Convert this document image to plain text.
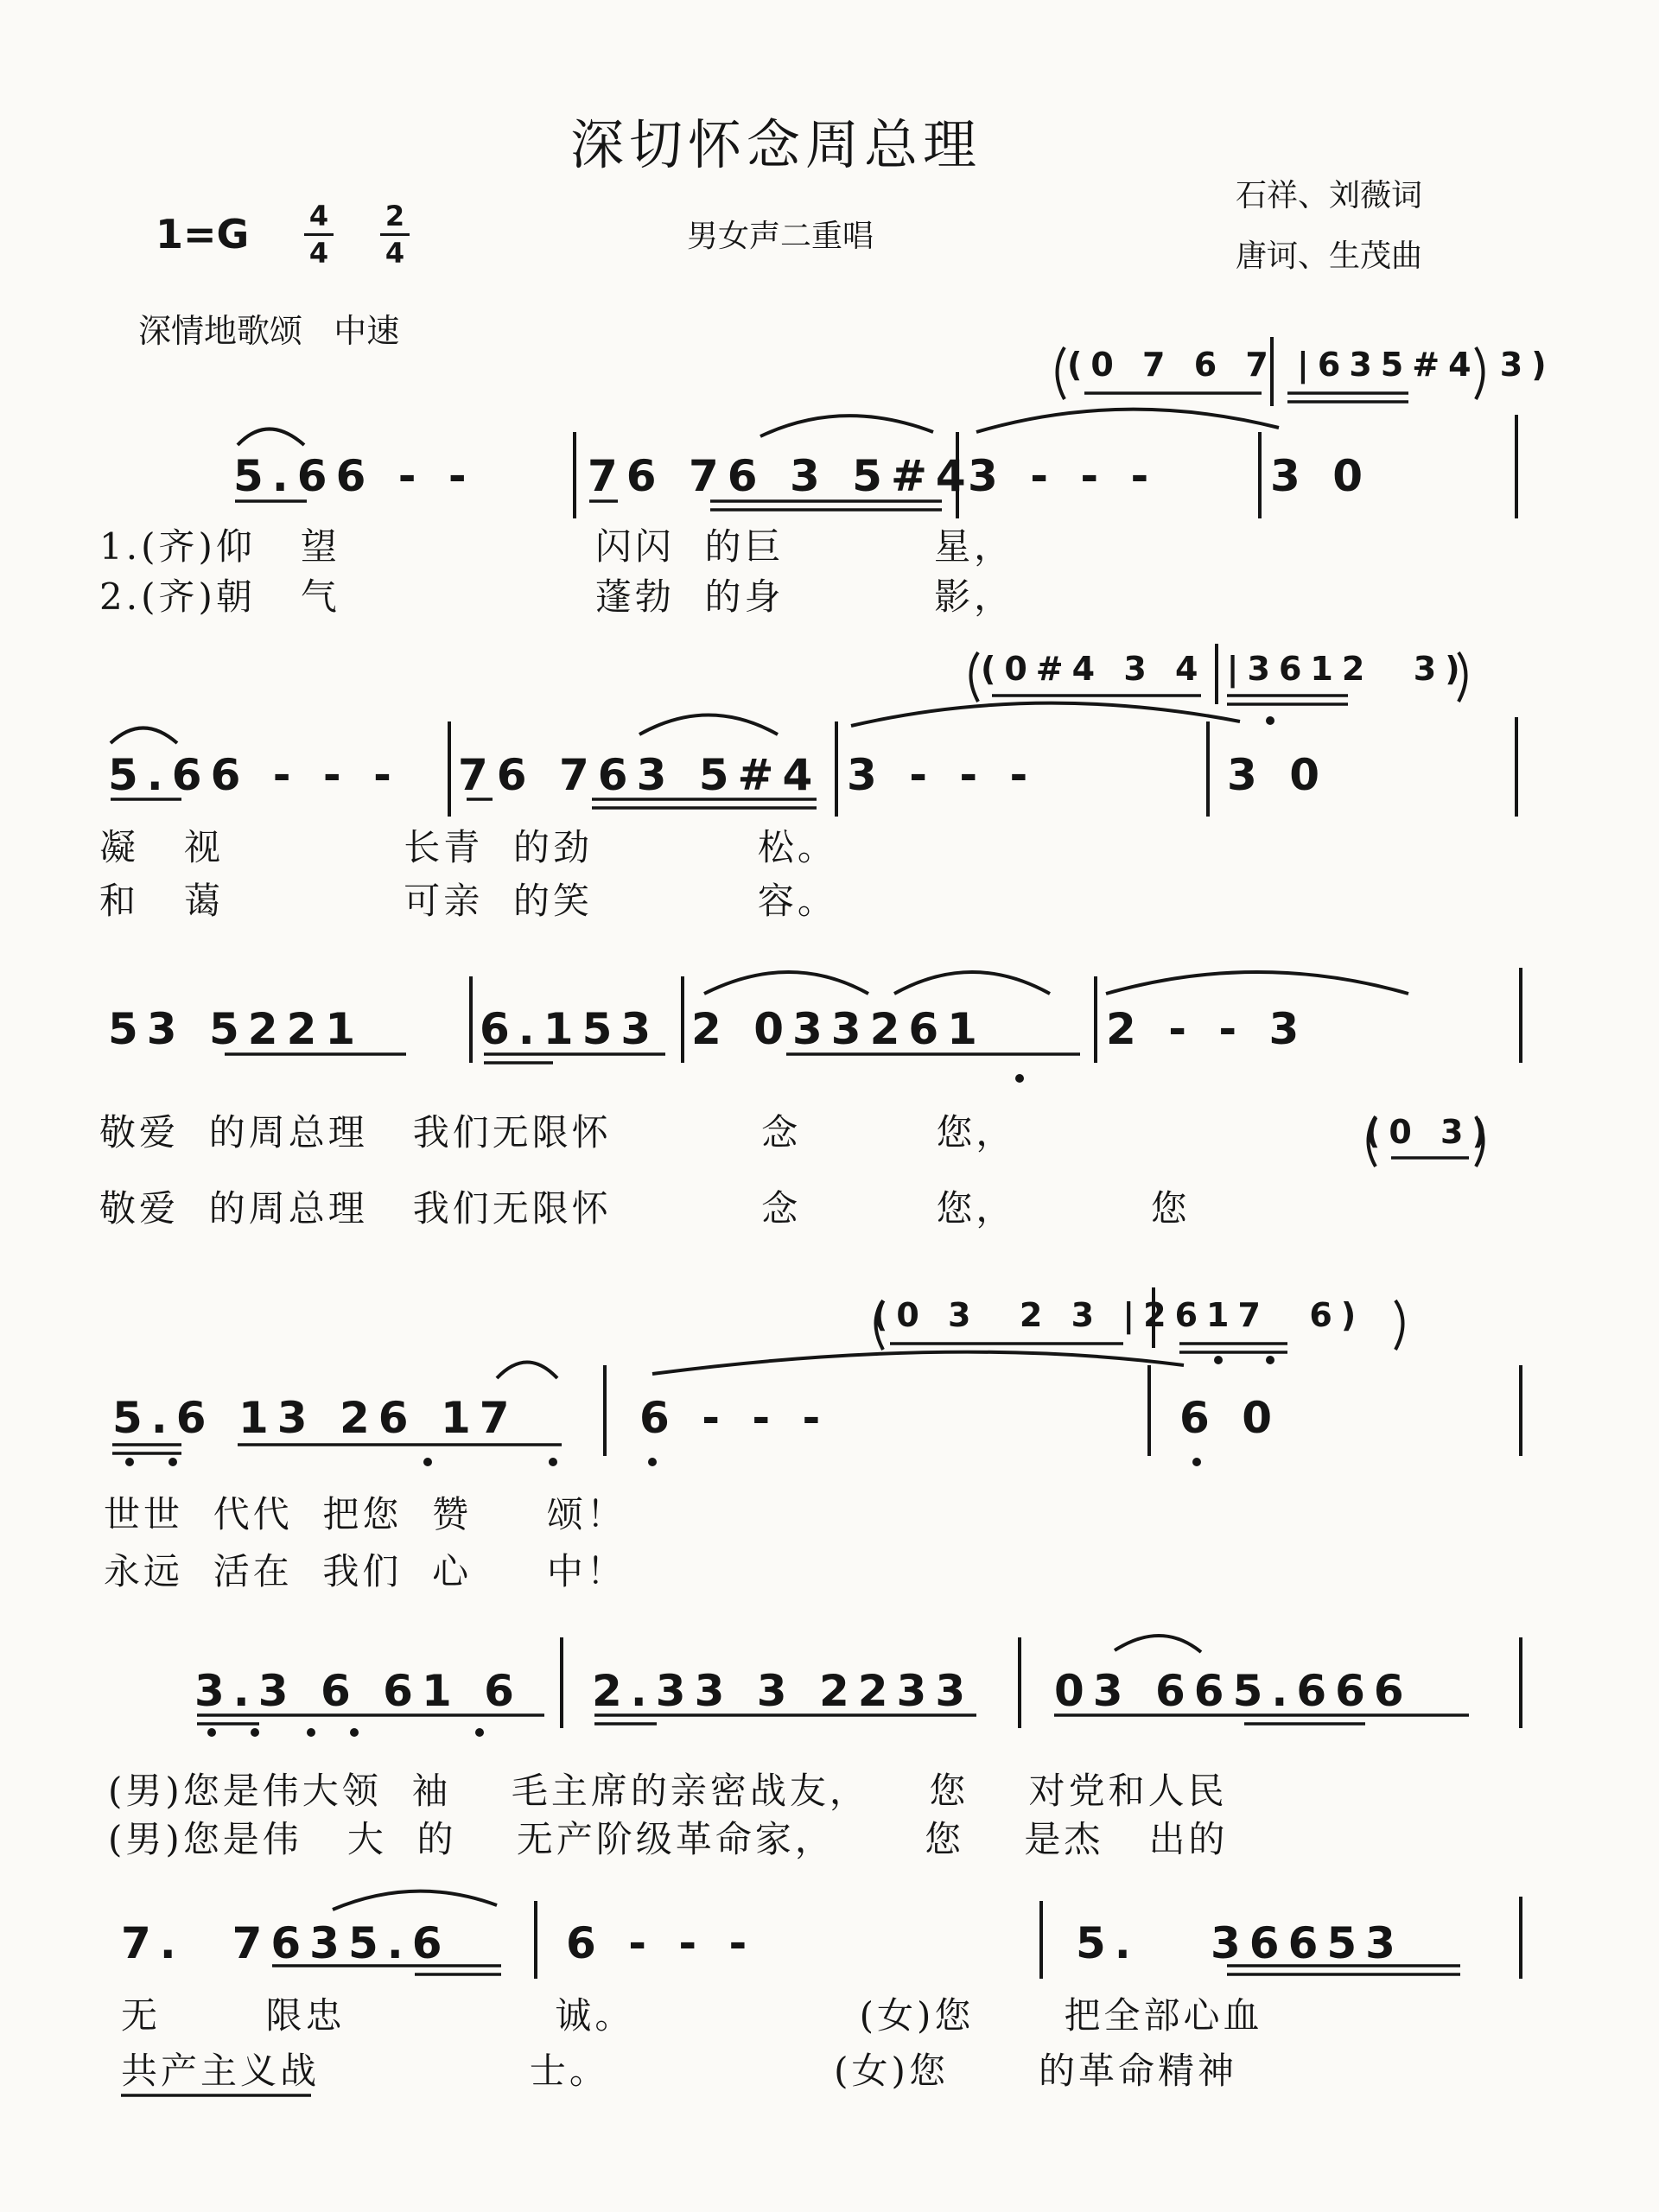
深切怀念周总理
1=G 4
4
2
4	男女声二重唱
石祥、刘薇词
唐诃、生茂曲
深情地歌颂   中速
(0 7 6 7 |635#4 3)
5.66 - -	76 76 3 5#4
3 - - -	3 0
1.(齐)仰   望                 闪闪  的巨          星，
2.(齐)朝   气                 蓬勃  的身          影，
(0#4 3 4 |3612  3)
5.66 - - - 76 763 5#4 3 - - -	3 0
凝   视            长青  的劲           松。
和   蔼            可亲  的笑           容。
(0 3)
53 5221	6.153 2 033261	2 - - 3
敬爱  的周总理   我们无限怀          念         您，
敬爱  的周总理   我们无限怀          念         您，         您
(0 3  2 3 |2617  6)
5.6 13 26 17	6 - - -	6 0
世世  代代  把您  赞     颂！
永远  活在  我们  心     中！
3.3 6 61 6 2.33 3 2233 03 665.666
(男)您是伟大领  袖    毛主席的亲密战友，    您    对党和人民
(男)您是伟   大  的    无产阶级革命家，      您    是杰   出的
7.  7635.6	6 - - -	5.   36653
无       限忠              诚。               (女)您      把全部心血
共产主义战              士。               (女)您      的革命精神
